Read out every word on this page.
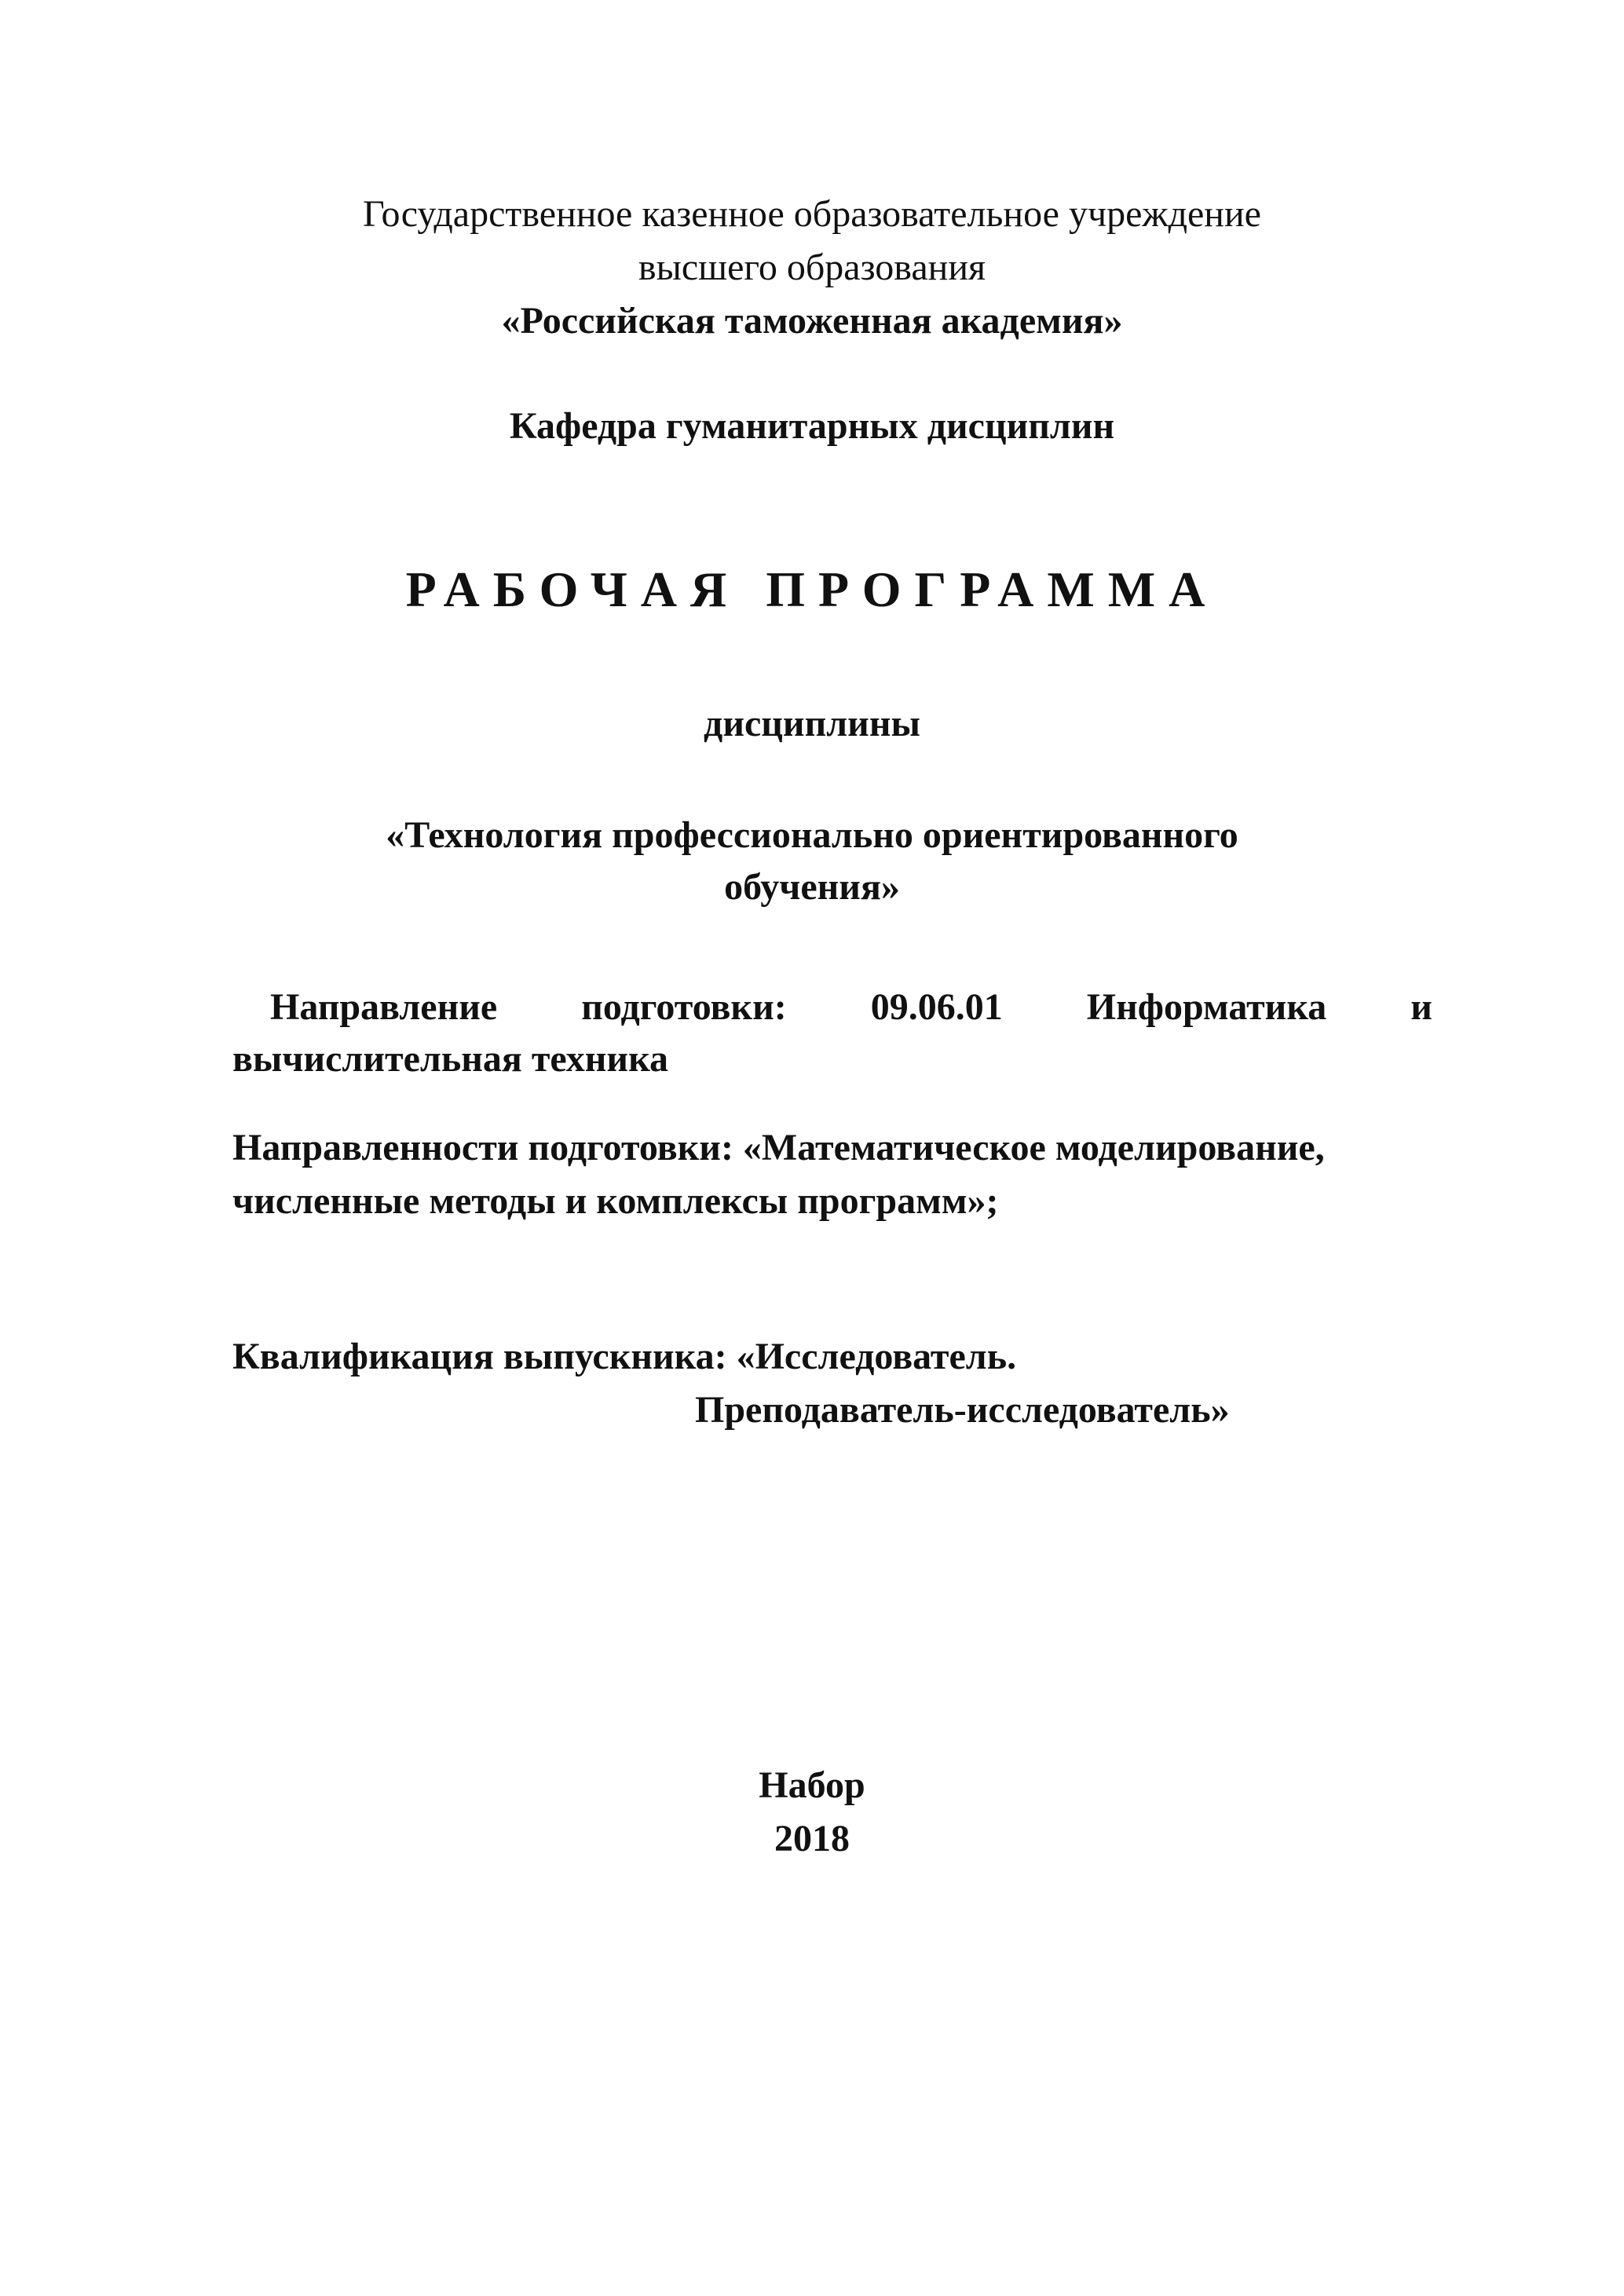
Государственное казенное образовательное учреждение

высшего образования

«Российская таможенная академия»

Кафедра гуманитарных дисциплин

РАБОЧАЯ ПРОГРАММА

дисциплины

«Технология профессионально ориентированного

обучения»

Направление подготовки: 09.06.01 Информатика и

вычислительная техника

Направленности подготовки: «Математическое моделирование,

численные методы и комплексы программ»;

Квалификация выпускника: «Исследователь.

Преподаватель-исследователь»

Набор

2018
